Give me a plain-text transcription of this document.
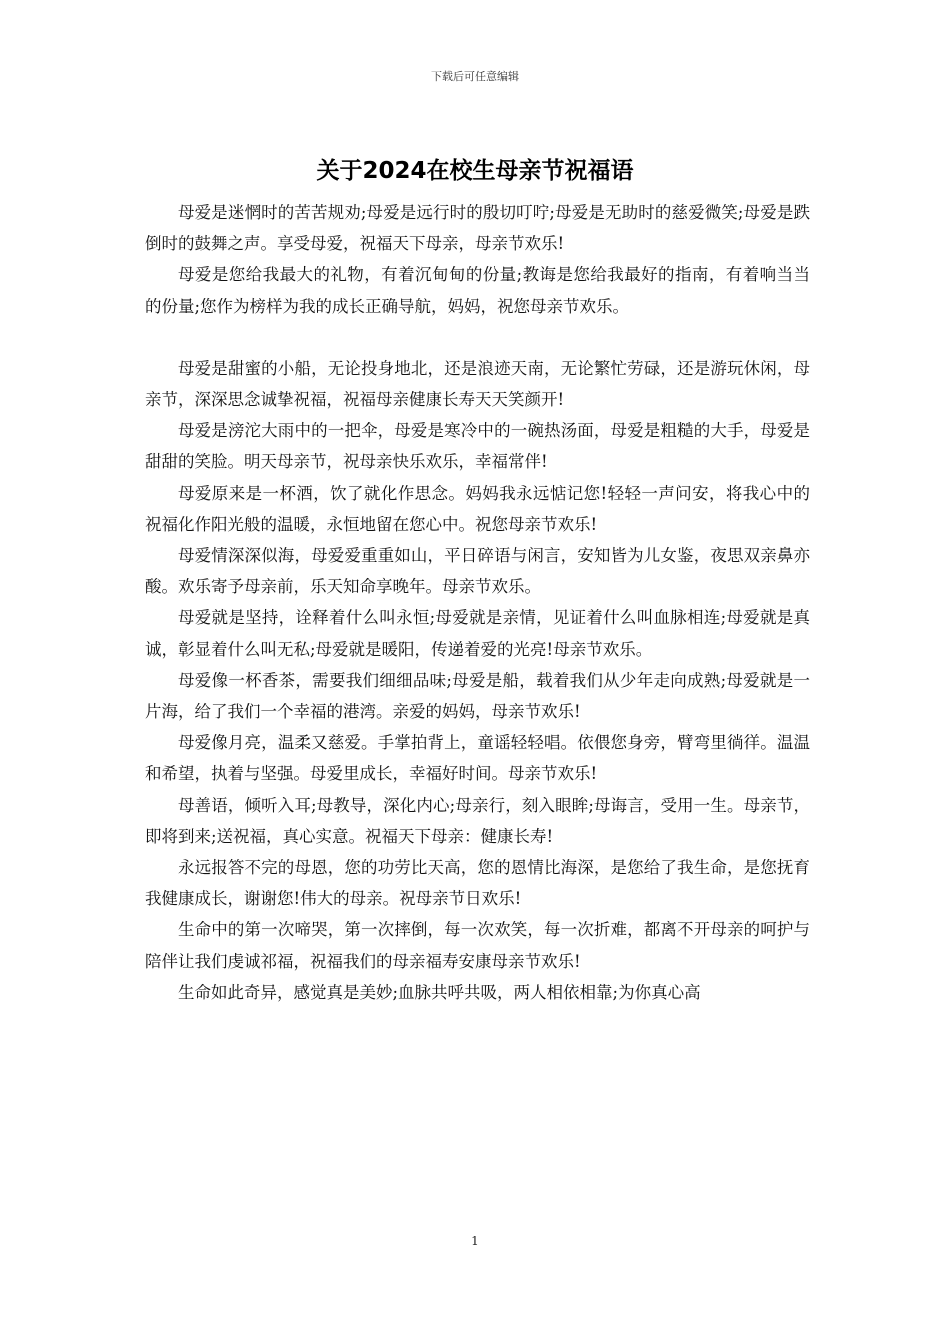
下载后可任意编辑
关于2024在校生母亲节祝福语

母爱是迷惘时的苦苦规劝;母爱是远行时的殷切叮咛;母爱是无助时的慈爱微笑;母爱是跌倒时的鼓舞之声。享受母爱，祝福天下母亲，母亲节欢乐!

母爱是您给我最大的礼物，有着沉甸甸的份量;教诲是您给我最好的指南，有着响当当的份量;您作为榜样为我的成长正确导航，妈妈，祝您母亲节欢乐。

母爱是甜蜜的小船，无论投身地北，还是浪迹天南，无论繁忙劳碌，还是游玩休闲，母亲节，深深思念诚挚祝福，祝福母亲健康长寿天天笑颜开!

母爱是滂沱大雨中的一把伞，母爱是寒冷中的一碗热汤面，母爱是粗糙的大手，母爱是甜甜的笑脸。明天母亲节，祝母亲快乐欢乐，幸福常伴!

母爱原来是一杯酒，饮了就化作思念。妈妈我永远惦记您!轻轻一声问安，将我心中的祝福化作阳光般的温暖，永恒地留在您心中。祝您母亲节欢乐!

母爱情深深似海，母爱爱重重如山，平日碎语与闲言，安知皆为儿女鉴，夜思双亲鼻亦酸。欢乐寄予母亲前，乐天知命享晚年。母亲节欢乐。

母爱就是坚持，诠释着什么叫永恒;母爱就是亲情，见证着什么叫血脉相连;母爱就是真诚，彰显着什么叫无私;母爱就是暖阳，传递着爱的光亮!母亲节欢乐。

母爱像一杯香茶，需要我们细细品味;母爱是船，载着我们从少年走向成熟;母爱就是一片海，给了我们一个幸福的港湾。亲爱的妈妈，母亲节欢乐!

母爱像月亮，温柔又慈爱。手掌拍背上，童谣轻轻唱。依偎您身旁，臂弯里徜徉。温温和希望，执着与坚强。母爱里成长，幸福好时间。母亲节欢乐!

母善语，倾听入耳;母教导，深化内心;母亲行，刻入眼眸;母诲言，受用一生。母亲节，即将到来;送祝福，真心实意。祝福天下母亲：健康长寿!

永远报答不完的母恩，您的功劳比天高，您的恩情比海深，是您给了我生命，是您抚育我健康成长，谢谢您!伟大的母亲。祝母亲节日欢乐!

生命中的第一次啼哭，第一次摔倒，每一次欢笑，每一次折难，都离不开母亲的呵护与陪伴让我们虔诚祁福，祝福我们的母亲福寿安康母亲节欢乐!

生命如此奇异，感觉真是美妙;血脉共呼共吸，两人相依相靠;为你真心高

1
